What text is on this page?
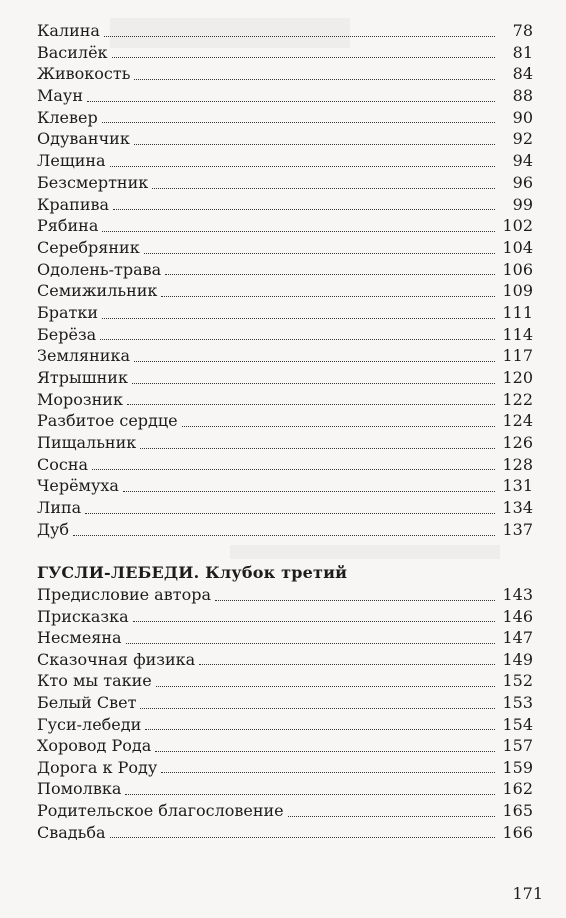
Калина	78
Василёк	81
Живокость	84
Маун	88
Клевер	90
Одуванчик	92
Лещина	94
Безсмертник	96
Крапива	99
Рябина	102
Серебряник	104
Одолень-трава	106
Семижильник	109
Братки	111
Берёза	114
Земляника	117
Ятрышник	120
Морозник	122
Разбитое сердце	124
Пищальник	126
Сосна	128
Черёмуха	131
Липа	134
Дуб	137
ГУСЛИ-ЛЕБЕДИ. Клубок третий
Предисловие автора	143
Присказка	146
Несмеяна	147
Сказочная физика	149
Кто мы такие	152
Белый Свет	153
Гуси-лебеди	154
Хоровод Рода	157
Дорога к Роду	159
Помолвка	162
Родительское благословение	165
Свадьба	166
171
